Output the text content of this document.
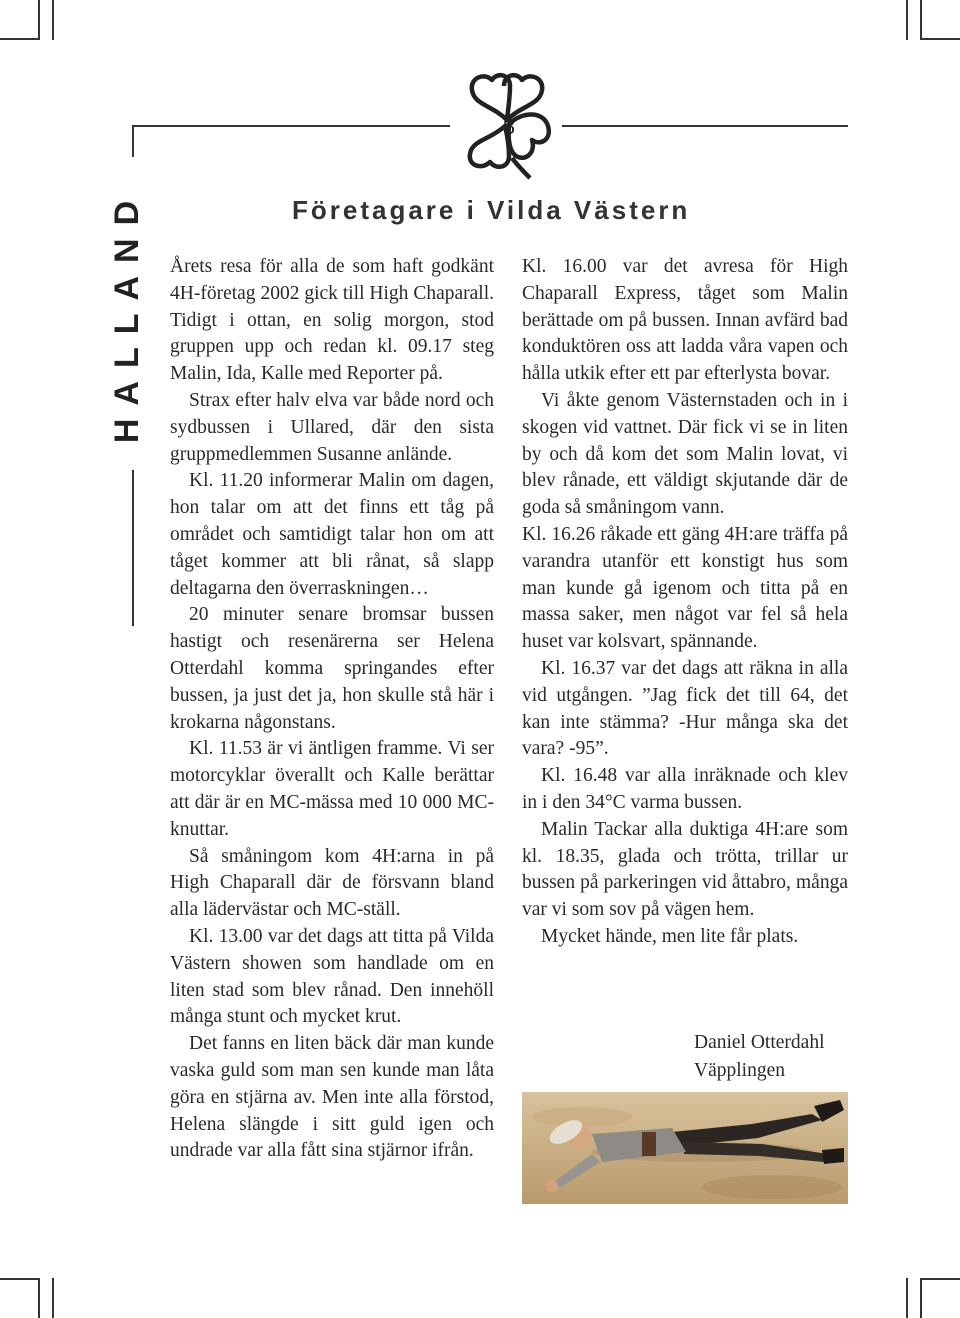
8
HALLAND	Företagare i Vilda Västern

Årets resa för alla de som haft godkänt 4H-företag 2002 gick till High Chaparall. Tidigt i ottan, en solig morgon, stod gruppen upp och redan kl. 09.17 steg Malin, Ida, Kalle med Reporter på.

Strax efter halv elva var både nord och sydbussen i Ullared, där den sista gruppmedlemmen Susanne anlände.

Kl. 11.20 informerar Malin om dagen, hon talar om att det finns ett tåg på området och samtidigt talar hon om att tåget kommer att bli rånat, så slapp deltagarna den överraskningen…

20 minuter senare bromsar bussen hastigt och resenärerna ser Helena Otterdahl komma springandes efter bussen, ja just det ja, hon skulle stå här i krokarna någonstans.

Kl. 11.53 är vi äntligen framme. Vi ser motorcyklar överallt och Kalle berättar att där är en MC-mässa med 10 000 MC-knuttar.

Så småningom kom 4H:arna in på High Chaparall där de försvann bland alla lädervästar och MC-ställ.

Kl. 13.00 var det dags att titta på Vilda Västern showen som handlade om en liten stad som blev rånad. Den innehöll många stunt och mycket krut.

Det fanns en liten bäck där man kunde vaska guld som man sen kunde man låta göra en stjärna av. Men inte alla förstod, Helena slängde i sitt guld igen och undrade var alla fått sina stjärnor ifrån.

Kl. 16.00 var det avresa för High Chaparall Express, tåget som Malin berättade om på bussen. Innan avfärd bad konduktören oss att ladda våra vapen och hålla utkik efter ett par efterlysta bovar.

Vi åkte genom Västernstaden och in i skogen vid vattnet. Där fick vi se in liten by och då kom det som Malin lovat, vi blev rånade, ett väldigt skjutande där de goda så småningom vann.

Kl. 16.26 råkade ett gäng 4H:are träffa på varandra utanför ett konstigt hus som man kunde gå igenom och titta på en massa saker, men något var fel så hela huset var kolsvart, spännande.

Kl. 16.37 var det dags att räkna in alla vid utgången. ”Jag fick det till 64, det kan inte stämma? -Hur många ska det vara? -95”.

Kl. 16.48 var alla inräknade och klev in i den 34°C varma bussen.

Malin Tackar alla duktiga 4H:are som kl. 18.35, glada och trötta, trillar ur bussen på parkeringen vid åttabro, många var vi som sov på vägen hem.

Mycket hände, men lite får plats.

Daniel Otterdahl
Väpplingen
